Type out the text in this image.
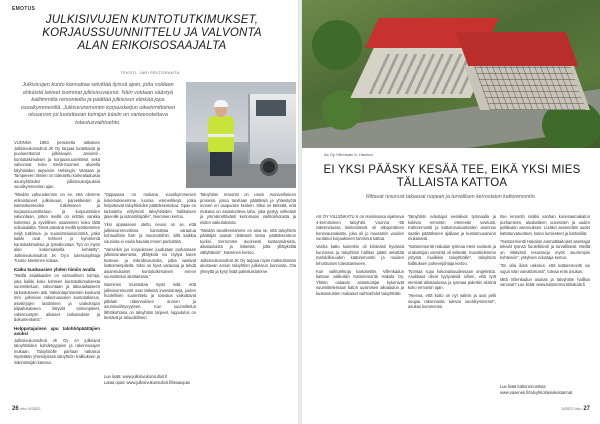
EMOTUS
JULKISIVUJEN KUNTOTUTKIMUKSET, KORJAUSSUUNNITTELU JA VALVONTA ALAN ERIKOISOSAAJALTA
TEKSTI: JARI PELTORANTA
Julkisivujen kunto kannattaa selvittää ilyissä ajoin, jotta voidaan ehkäistä laiveet isommat julkisivuvauriot. Näin voidaan säästyä kalliimmilta remonteilta ja päättää julkisivun elinkää jopa vuosikymmenillä. Julkisivuremontin korjausketjun oikeinmittoinen olosarvon joi luotettavan toimijan käsiin on varteenotettava toteutusvaihtoehto.

VUONNA 1993 perustettu tutkaisen Julkisivukonsultoit JK Oy tarjoaa luotettavat ja puolueettomat julkisivujen arviointi-, kuntotutkimukset ja korjaussuunnittelut sekä valvonnat koko Etelä-Suomen alueella talyhtiöiden tarpeisiin. Helsingin, Vantaan ja Tampereen tiimien on toteutettu korkealaatuisia asuinyhtiöiden julkisivukorjauksia vuosikymmenien ajan.

"Meidän vahvuutemme on se, että olemme erikoistuneet julkisivuun, parvekkeisiin ja kattorakenteiden tutkimiseen ja korjaussuunnitteluun ja korjaustöiden valvontaan, jotten meillä on erittäin vankka kokemus ja syvällinen osaaminen koko tältä erikoisalalta. Tämä päivänä meillä työskentelee neljä tutkimus- ja suunnitteluinsinööriä, jotka kaikki ovat tehneet jo kymmeniä kuntotutkimuksia ja työvalvontaa. Työ on myös alan kokemuksella kehitetty", Julkisivukonsultoit JK Oy:n toimitusjohtaja Tuomo Nieminen toteaa.

Kaiku kuukausien yhden tiimiin avulla

"Meillä asiakkaiden on vastuullinen toimija, joka kaikki koko kohteen kuntotutkimuksesta suunnitteluun, valvontaan ja takuuaikaiseen tarkastukseen asti. Valvontaprosessiin kuuluvat mm. julkisivun rakennusosien kuntotutkimus, asiakirjojen laatiminen ja urakoitsijan kilpailutukseen liittyvät toimenpiteet, rakennustyön aikaiset tarkastukset ja dokumentointi."

Helppotajuinen apu talohtiöpäättäjien avuksi

Julkisivukonsultoit JK Oy on julkisivut taloyhtiöiden kohdetyyppien ja rakennusajan mukaan. Taloyhtiölle parhaat ratkaisut löydetään yhteistyössä taloyhtiön hallituksen ja isännöitsijän kanssa.

"Oppaassa on mukana vuosikymmenien kokemukseemme luomia esimerkkejä, jotka helpottavat taloyhtiöiden päätöksentekoa. Opas on tarkoitettu erityisesti taloyhtiöiden hallituksen jäsenille ja isännöitsijöille", Nieminen kertoo.

Yksi oppaaseen otettu neuvo on se, että julkisivuremontissa kannattaa varautua kohtuullisiin lisä- ja muutostöihin, sillä kaikkia vaurioita ei voida havaita ennen purkutöitä.

"Varsinkin jos korjaukseen joudutaan purkamaan julkisivurakenteita, yllätyksiä voi löytyä kuten kosteus- ja mikrobivaurioita, jotka vaativat lisätoimenpiteitä. Siksi on hyvä varautua ja tehdä asianmukaiset kuntotutkimukset ennen suunnittelun aloittamista."

Nieminen muistuttaa myös siitä, että julkisivuremontit ovat tärkeitä investointeja, joiden huolellinen suunnittelu ja toteutus vaikuttavat pitkään rakennuksen arvoon ja asumisviihtyvyyteen. Kun suunnittelun lähtökohtana on taloyhtiön tarpeet, lopputulos on kestävä ja taloudellinen.

Taloyhtiön remontti on usein monivaiheinen prosessi, jossa tarvitaan päätöksiä ja yhteistyötä monen eri osapuolen kesken. Siksi on tärkeää, että mukana on asiantunteva taho, joka pystyy selkeästi ja ymmärrettävästi kertomaan vaihtoehdoista ja niiden vaikutuksista.

"Meidän tavoitteenamme on aina se, että taloyhtiön päättäjät saavat riittävästi tietoa päätöksenteon tueksi. Kerromme avoimesti kustannuksista, aikatauluista ja riskeistä, jotta yllätyksiltä vältyttäisiin", Nieminen kertoo.

Julkisivukonsultoit JK Oy tarjoaa myös maksuttoman alustavan arvion taloyhtiön julkisivun kunnosta. Ota yhteyttä ja kysy lisää palveluistamme.

Lue lisää: www.julkisivukonsultoit.fi
Lataa opas: www.julkisivukonsultoit.fi/lataaopas
26 kito 5/2022
As Oy Villenkatu 6, Hamina
EI YKSI PÄÄSKY KESÄÄ TEE, EIKÄ YKSI MIES TÄLLAISTA KATTOA
Rittavat resurssit takaavat nopean ja turvallisen kerrostalon kattoremontin.

AS OY VILLENKATU 6 on Haminassa sijaitseva 4-kerroksinen taloyhtiö. Vuonna -58 rakennetussa kiinteistössä oli alkuperäinen konesaumakatto, joka oli jo muutamin vuoden vuotanut korjaukseen tarvinnut kattoa.

Vanha katto kuitenkin oli kiinteästi hyvässä kunnossa ja taloyhtiön hallitus päätti selvittää mahdollisuuden kattoremontin ja muiden tehostusten toteuttamiseen.

Kun vaihtoehtoja kartoitettiin, Villenkadun kattoon valikoitiin Kattoremontti Hakala Oy. Yhtiön osaavat asiantuntijat kykenivät suunnittelemaan katon uusimisen aikataulun ja kustannusten mukaiset vaihtoehdot taloyhtiölle.

Taloyhtiön edustajat vierailivat työmaalla ja kokivat remontin etenevän sovitusti. Kattoremontti ja kattoturvatuotteiden asennus saatiin päätökseen ajallaan ja kustannusarvion mukaisesti.

"Kattoremontti Hakalan työmaa eteni sovitusti ja urakoitsijan viestintä oli selkeää. Suosittelemme yritystä muillekin taloyhtiöille", taloyhtiön hallituksen puheenjohtaja kertoo.

Työmaa sujui kokonaisuudessaan ongelmitta. Asukkaat olivat tyytyväisiä siihen, että työt etenivät aikataulussa ja työmaa pidettiin siistinä koko remontin ajan.

"Hienoa, että katto on nyt valmis ja uusi pelti suojaa rakennusta tulevat vuosikymmenet", asukas kommentoi.

Itse remontti sisälsi vanhan konesaumakaton purkamisen, aluskatteen uusimisen ja uuden peltikaton asennuksen. Lisäksi asennettiin uudet kattoturvatuotteet, kuten lumiesteet ja kattosillat.

"Kattoremontti Hakalan ammattitaitoiset asentajat tekivät työnsä huolellisesti ja turvallisesti. Meillä on riittävästi resursseja myös suurempiin kohteisiin", yrityksen edustaja kertoo.

"En olisi ikinä uskonut, että kattoremontti voi sujua näin vaivattomasti", toteaa eräs asukas.

Mitä Villenkadun asukas ja taloyhtiön hallitus sanovat? Lue lisää: www.kattoremonttihakala.fi

Lue lisää kattoremontista:
www.vasenek.fi/taloyhtiot/asiakastarinat
5/2022 kito 27
